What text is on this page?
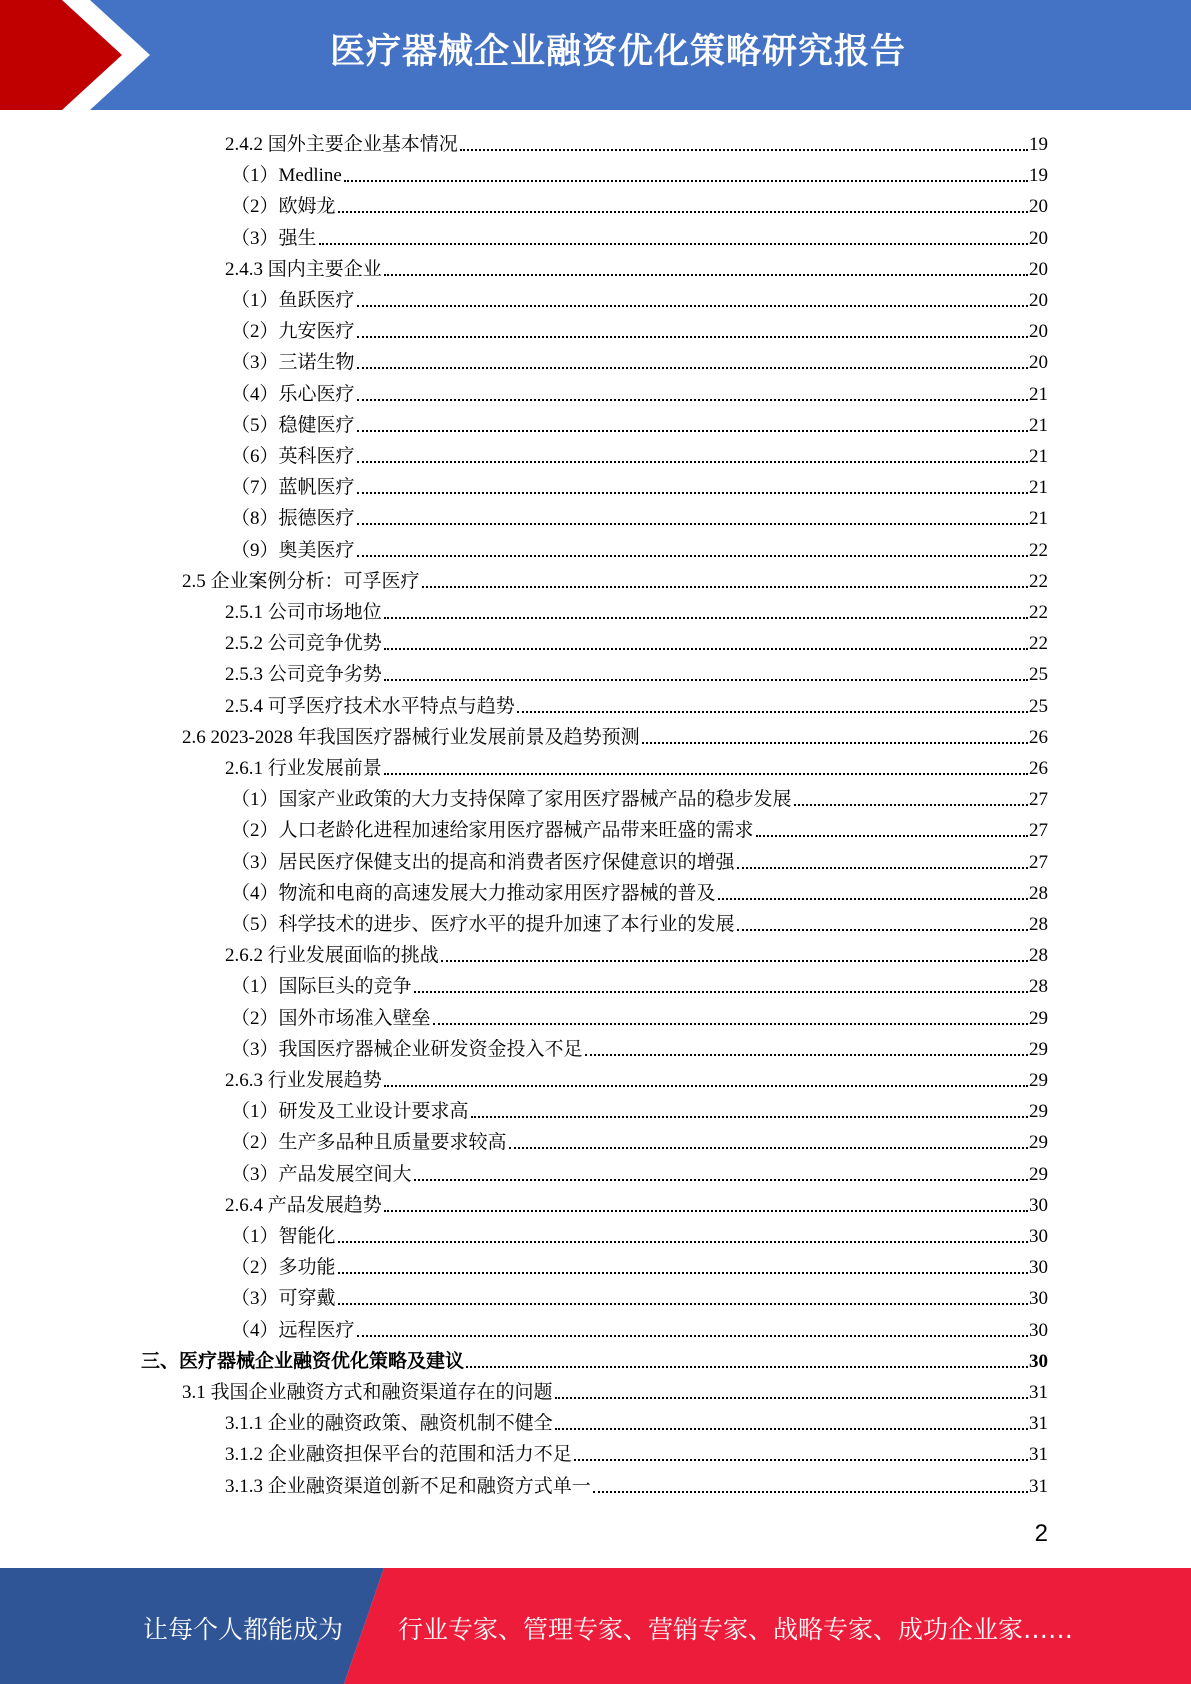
医疗器械企业融资优化策略研究报告
2.4.2 国外主要企业基本情况	19
（1）Medline	19
（2）欧姆龙	20
（3）强生	20
2.4.3 国内主要企业	20
（1）鱼跃医疗	20
（2）九安医疗	20
（3）三诺生物	20
（4）乐心医疗	21
（5）稳健医疗	21
（6）英科医疗	21
（7）蓝帆医疗	21
（8）振德医疗	21
（9）奥美医疗	22
2.5 企业案例分析：可孚医疗	22
2.5.1 公司市场地位	22
2.5.2 公司竞争优势	22
2.5.3 公司竞争劣势	25
2.5.4 可孚医疗技术水平特点与趋势	25
2.6 2023-2028 年我国医疗器械行业发展前景及趋势预测	26
2.6.1 行业发展前景	26
（1）国家产业政策的大力支持保障了家用医疗器械产品的稳步发展	27
（2）人口老龄化进程加速给家用医疗器械产品带来旺盛的需求	27
（3）居民医疗保健支出的提高和消费者医疗保健意识的增强	27
（4）物流和电商的高速发展大力推动家用医疗器械的普及	28
（5）科学技术的进步、医疗水平的提升加速了本行业的发展	28
2.6.2 行业发展面临的挑战	28
（1）国际巨头的竞争	28
（2）国外市场准入壁垒	29
（3）我国医疗器械企业研发资金投入不足	29
2.6.3 行业发展趋势	29
（1）研发及工业设计要求高	29
（2）生产多品种且质量要求较高	29
（3）产品发展空间大	29
2.6.4 产品发展趋势	30
（1）智能化	30
（2）多功能	30
（3）可穿戴	30
（4）远程医疗	30
三、医疗器械企业融资优化策略及建议	30
3.1 我国企业融资方式和融资渠道存在的问题	31
3.1.1 企业的融资政策、融资机制不健全	31
3.1.2 企业融资担保平台的范围和活力不足	31
3.1.3 企业融资渠道创新不足和融资方式单一	31
2
让每个人都能成为 行业专家、管理专家、营销专家、战略专家、成功企业家……
